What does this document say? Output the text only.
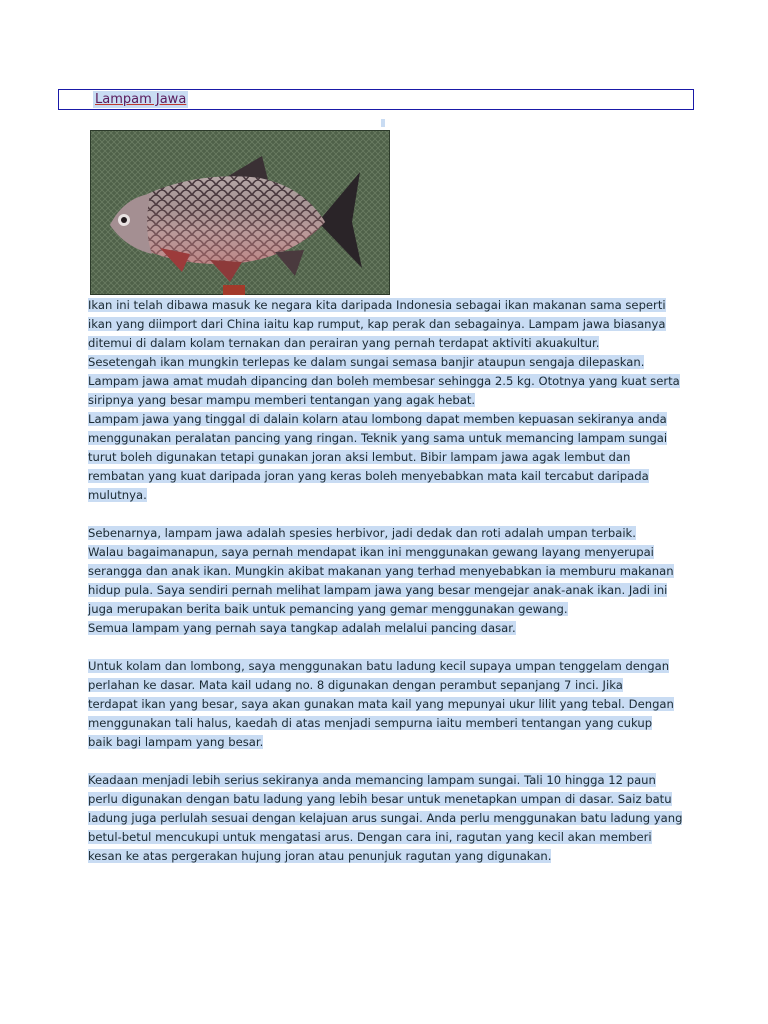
Lampam Jawa

Ikan ini telah dibawa masuk ke negara kita daripada Indonesia sebagai ikan makanan sama seperti
ikan yang diimport dari China iaitu kap rumput, kap perak dan sebagainya. Lampam jawa biasanya
ditemui di dalam kolam ternakan dan perairan yang pernah terdapat aktiviti akuakultur.
Sesetengah ikan mungkin terlepas ke dalam sungai semasa banjir ataupun sengaja dilepaskan.
Lampam jawa amat mudah dipancing dan boleh membesar sehingga 2.5 kg. Ototnya yang kuat serta
siripnya yang besar mampu memberi tentangan yang agak hebat.
Lampam jawa yang tinggal di dalain kolarn atau lombong dapat memben kepuasan sekiranya anda
menggunakan peralatan pancing yang ringan. Teknik yang sama untuk memancing lampam sungai
turut boleh digunakan tetapi gunakan joran aksi lembut. Bibir lampam jawa agak lembut dan
rembatan yang kuat daripada joran yang keras boleh menyebabkan mata kail tercabut daripada
mulutnya.

Sebenarnya, lampam jawa adalah spesies herbivor, jadi dedak dan roti adalah umpan terbaik.
Walau bagaimanapun, saya pernah mendapat ikan ini menggunakan gewang layang menyerupai
serangga dan anak ikan. Mungkin akibat makanan yang terhad menyebabkan ia memburu makanan
hidup pula. Saya sendiri pernah melihat lampam jawa yang besar mengejar anak-anak ikan. Jadi ini
juga merupakan berita baik untuk pemancing yang gemar menggunakan gewang.
Semua lampam yang pernah saya tangkap adalah melalui pancing dasar.

Untuk kolam dan lombong, saya menggunakan batu ladung kecil supaya umpan tenggelam dengan
perlahan ke dasar. Mata kail udang no. 8 digunakan dengan perambut sepanjang 7 inci. Jika
terdapat ikan yang besar, saya akan gunakan mata kail yang mepunyai ukur lilit yang tebal. Dengan
menggunakan tali halus, kaedah di atas menjadi sempurna iaitu memberi tentangan yang cukup
baik bagi lampam yang besar.

Keadaan menjadi lebih serius sekiranya anda memancing lampam sungai. Tali 10 hingga 12 paun
perlu digunakan dengan batu ladung yang lebih besar untuk menetapkan umpan di dasar. Saiz batu
ladung juga perlulah sesuai dengan kelajuan arus sungai. Anda perlu menggunakan batu ladung yang
betul-betul mencukupi untuk mengatasi arus. Dengan cara ini, ragutan yang kecil akan memberi
kesan ke atas pergerakan hujung joran atau penunjuk ragutan yang digunakan.
